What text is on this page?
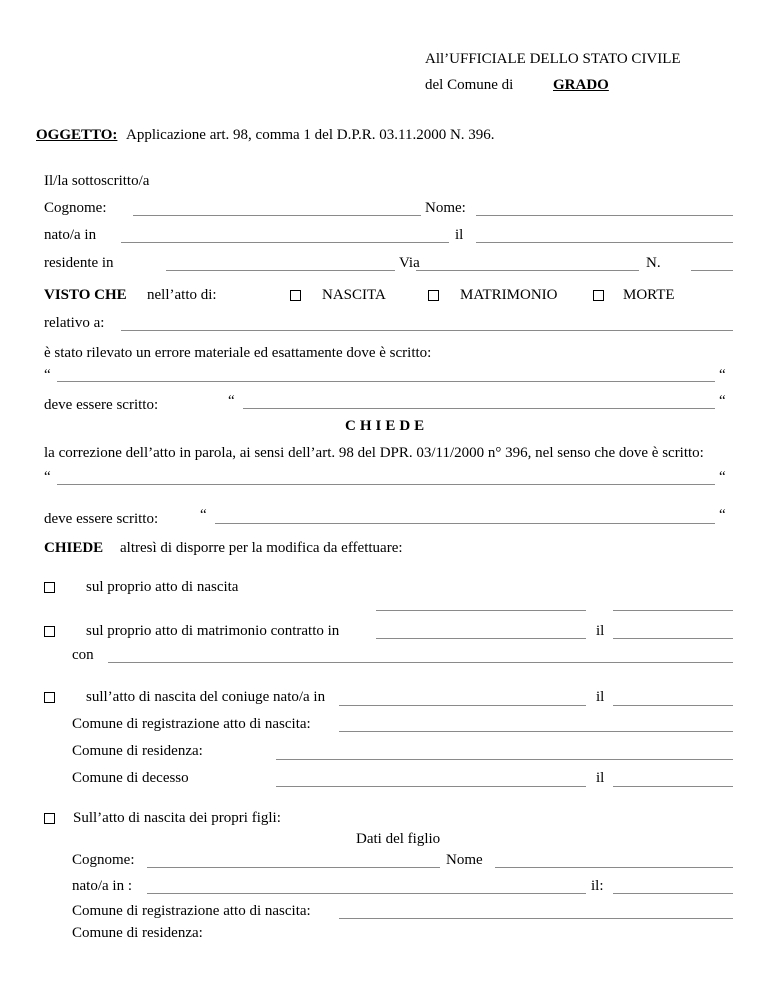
All’UFFICIALE DELLO STATO CIVILE
del Comune di	GRADO
OGGETTO: Applicazione art. 98, comma 1 del D.P.R. 03.11.2000 N. 396.
Il/la sottoscritto/a
Cognome:	Nome:
nato/a in	il
residente in	Via	N.
VISTO CHE nell’atto di:	NASCITA	MATRIMONIO	MORTE
relativo a:
è stato rilevato un errore materiale ed esattamente dove è scritto:
“	“
deve essere scritto:	“	“
CHIEDE
la correzione dell’atto in parola, ai sensi dell’art. 98 del DPR. 03/11/2000 n° 396, nel senso che dove è scritto:
“	“
deve essere scritto:	“	“
CHIEDE altresì di disporre per la modifica da effettuare:
sul proprio atto di nascita
sul proprio atto di matrimonio contratto in	il
con
sull’atto di nascita del coniuge nato/a in	il
Comune di registrazione atto di nascita:
Comune di residenza:
Comune di decesso	il
Sull’atto di nascita dei propri figli:
Dati del figlio
Cognome:	Nome
nato/a in :	il:
Comune di registrazione atto di nascita:
Comune di residenza:
